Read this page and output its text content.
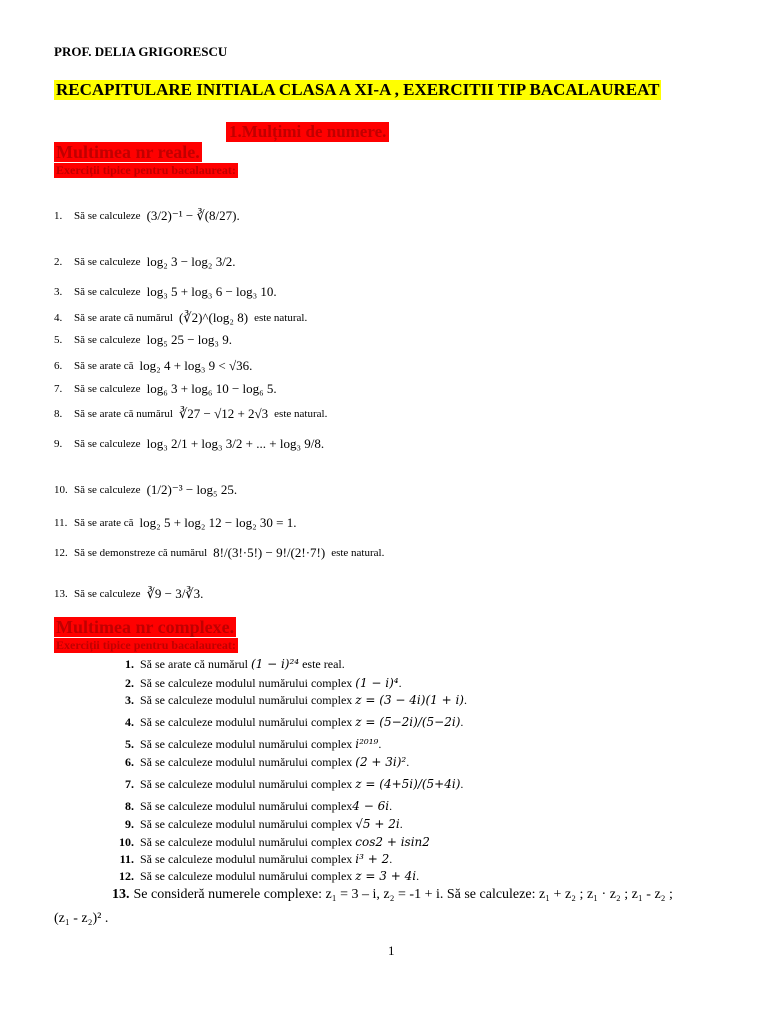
PROF. DELIA GRIGORESCU
RECAPITULARE INITIALA CLASA A XI-A , EXERCITII TIP BACALAUREAT
1.Mulțimi de numere.
Multimea nr reale.
Exerciții tipice pentru bacalaureat:
1.	Să se calculeze (3/2)⁻¹ − ∛(8/27).
2.	Să se calculeze log₂ 3 − log₂ 3/2.
3.	Să se calculeze log₃ 5 + log₃ 6 − log₃ 10.
4.	Să se arate că numărul (∛2)^(log₂ 8) este natural.
5.	Să se calculeze log₅ 25 − log₃ 9.
6.	Să se arate că log₂ 4 + log₃ 9 < √36.
7.	Să se calculeze log₆ 3 + log₆ 10 − log₆ 5.
8.	Să se arate că numărul ∛27 − √12 + 2√3 este natural.
9.	Să se calculeze log₃ 2/1 + log₃ 3/2 + ... + log₃ 9/8.
10. Să se calculeze (1/2)⁻³ − log₅ 25.
11. Să se arate că log₂ 5 + log₂ 12 − log₂ 30 = 1.
12. Să se demonstreze că numărul 8!/(3!·5!) − 9!/(2!·7!) este natural.
13. Să se calculeze ∛9 − 3/∛3.
Multimea nr complexe.
Exerciții tipice pentru bacalaureat:
1. Să se arate că numărul (1 − i)²⁴ este real.
2. Să se calculeze modulul numărului complex (1 − i)⁴.
3. Să se calculeze modulul numărului complex z = (3 − 4i)(1 + i).
4. Să se calculeze modulul numărului complex z = (5−2i)/(5−2i).
5. Să se calculeze modulul numărului complex i²⁰¹⁹.
6. Să se calculeze modulul numărului complex (2 + 3i)².
7. Să se calculeze modulul numărului complex z = (4+5i)/(5+4i).
8. Să se calculeze modulul numărului complex4 − 6i.
9. Să se calculeze modulul numărului complex √5 + 2i.
10. Să se calculeze modulul numărului complex cos2 + isin2
11. Să se calculeze modulul numărului complex i³ + 2.
12. Să se calculeze modulul numărului complex z = 3 + 4i.
13. Se consideră numerele complexe: z₁ = 3 – i, z₂ = -1 + i. Să se calculeze: z₁ + z₂ ; z₁ · z₂ ; z₁ - z₂ ;
(z₁ - z₂)² .
1
